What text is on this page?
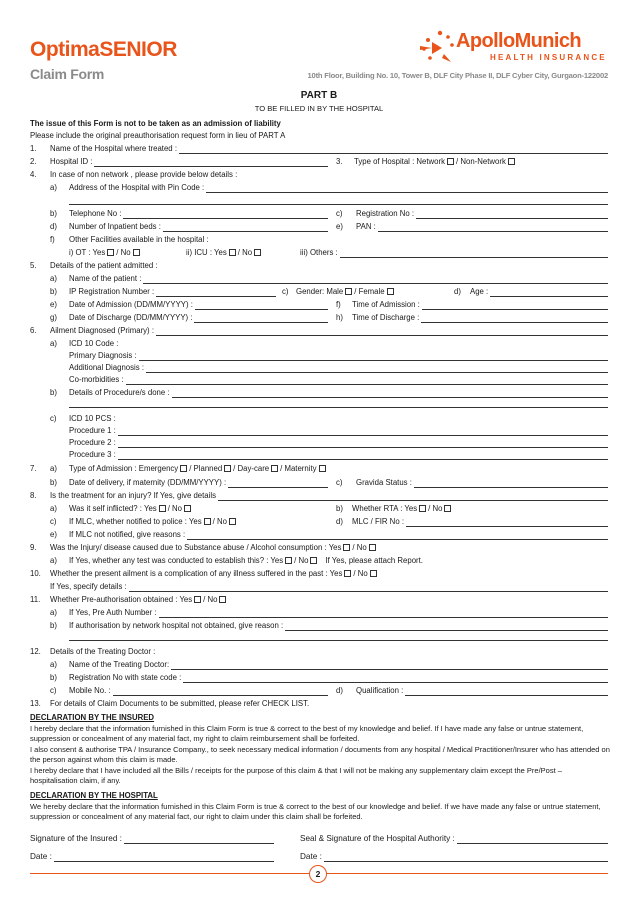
OptimaSENIOR
Claim Form
ApolloMunich
HEALTH INSURANCE
10th Floor, Building No. 10, Tower B, DLF City Phase II, DLF Cyber City, Gurgaon-122002
PART B
TO BE FILLED IN BY THE HOSPITAL
The issue of this Form is not to be taken as an admission of liability
Please include the original preauthorisation request form in lieu of PART A
1. Name of the Hospital where treated :
2. Hospital ID :	3. Type of Hospital : Network / Non-Network
4. In case of non network , please provide below details :
a) Address of the Hospital with Pin Code :
b) Telephone No :	c) Registration No :
d) Number of Inpatient beds :	e) PAN :
f) Other Facilities available in the hospital :
i) OT : Yes / No	ii) ICU : Yes / No	iii) Others :
5. Details of the patient admitted :
a) Name of the patient :
b) IP Registration Number :	c) Gender: Male / Female	d) Age :
e) Date of Admission (DD/MM/YYYY) :	f) Time of Admission :
g) Date of Discharge (DD/MM/YYYY) :	h) Time of Discharge :
6. Ailment Diagnosed (Primary) :
a) ICD 10 Code :
Primary Diagnosis :
Additional Diagnosis :
Co-morbidities :
b) Details of Procedure/s done :
c) ICD 10 PCS :
Procedure 1 :
Procedure 2 :
Procedure 3 :
7. a) Type of Admission : Emergency / Planned / Day-care / Maternity
b) Date of delivery, if maternity (DD/MM/YYYY) :	c) Gravida Status :
8. Is the treatment for an injury? If Yes, give details
a) Was it self inflicted? : Yes / No	b) Whether RTA : Yes / No
c) If MLC, whether notified to police : Yes / No	d) MLC / FIR No :
e) If MLC not notified, give reasons :
9. Was the Injury/ disease caused due to Substance abuse / Alcohol consumption : Yes / No
a) If Yes, whether any test was conducted to establish this? : Yes / No If Yes, please attach Report.
10. Whether the present ailment is a complication of any illness suffered in the past : Yes / No
If Yes, specify details :
11. Whether Pre-authorisation obtained : Yes / No
a) If Yes, Pre Auth Number :
b) If authorisation by network hospital not obtained, give reason :
12. Details of the Treating Doctor :
a) Name of the Treating Doctor:
b) Registration No with state code :
c) Mobile No. :	d) Qualification :
13. For details of Claim Documents to be submitted, please refer CHECK LIST.
DECLARATION BY THE INSURED
I hereby declare that the information furnished in this Claim Form is true & correct to the best of my knowledge and belief. If I have made any false or untrue statement, suppression or concealment of any material fact, my right to claim reimbursement shall be forfeited.
I also consent & authorise TPA / Insurance Company., to seek necessary medical information / documents from any hospital / Medical Practitioner/Insurer who has attended on the person against whom this claim is made.
I hereby declare that I have included all the Bills / receipts for the purpose of this claim & that I will not be making any supplementary claim except the Pre/Post – hospitalisation claim, if any.
DECLARATION BY THE HOSPITAL
We hereby declare that the information furnished in this Claim Form is true & correct to the best of our knowledge and belief. If we have made any false or untrue statement, suppression or concealment of any material fact, our right to claim under this claim shall be forfeited.
Signature of the Insured :	Seal & Signature of the Hospital Authority :
Date :	Date :
2
